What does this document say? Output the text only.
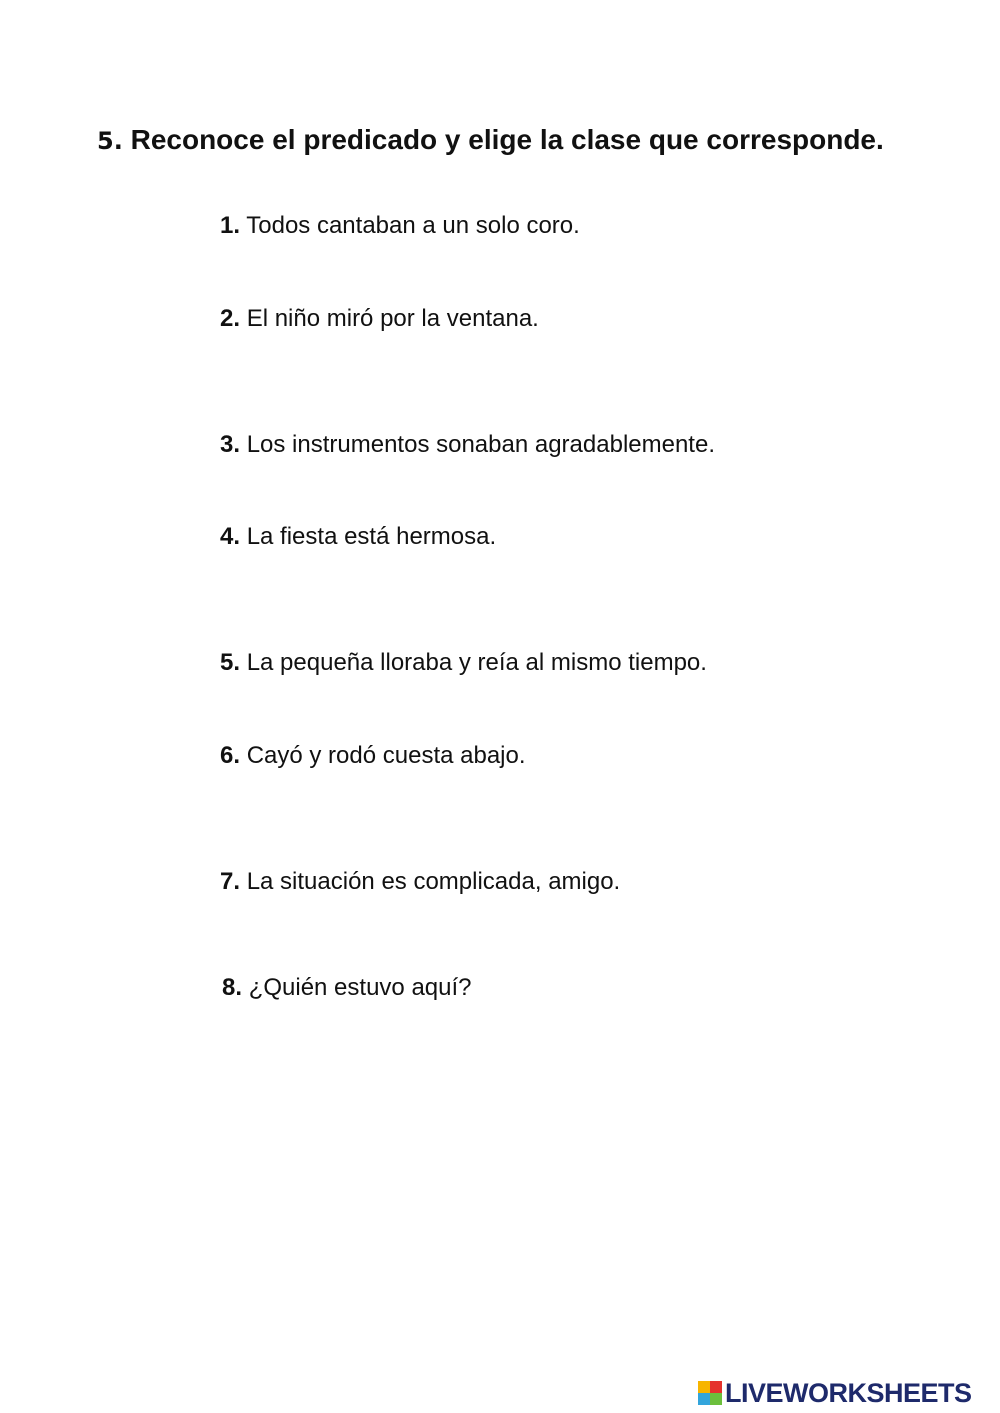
5. Reconoce el predicado y elige la clase que corresponde.
1. Todos cantaban a un solo coro.
2. El niño miró por la ventana.
3. Los instrumentos sonaban agradablemente.
4. La fiesta está hermosa.
5. La pequeña lloraba y reía al mismo tiempo.
6. Cayó y rodó cuesta abajo.
7. La situación es complicada, amigo.
8. ¿Quién estuvo aquí?
LIVEWORKSHEETS
